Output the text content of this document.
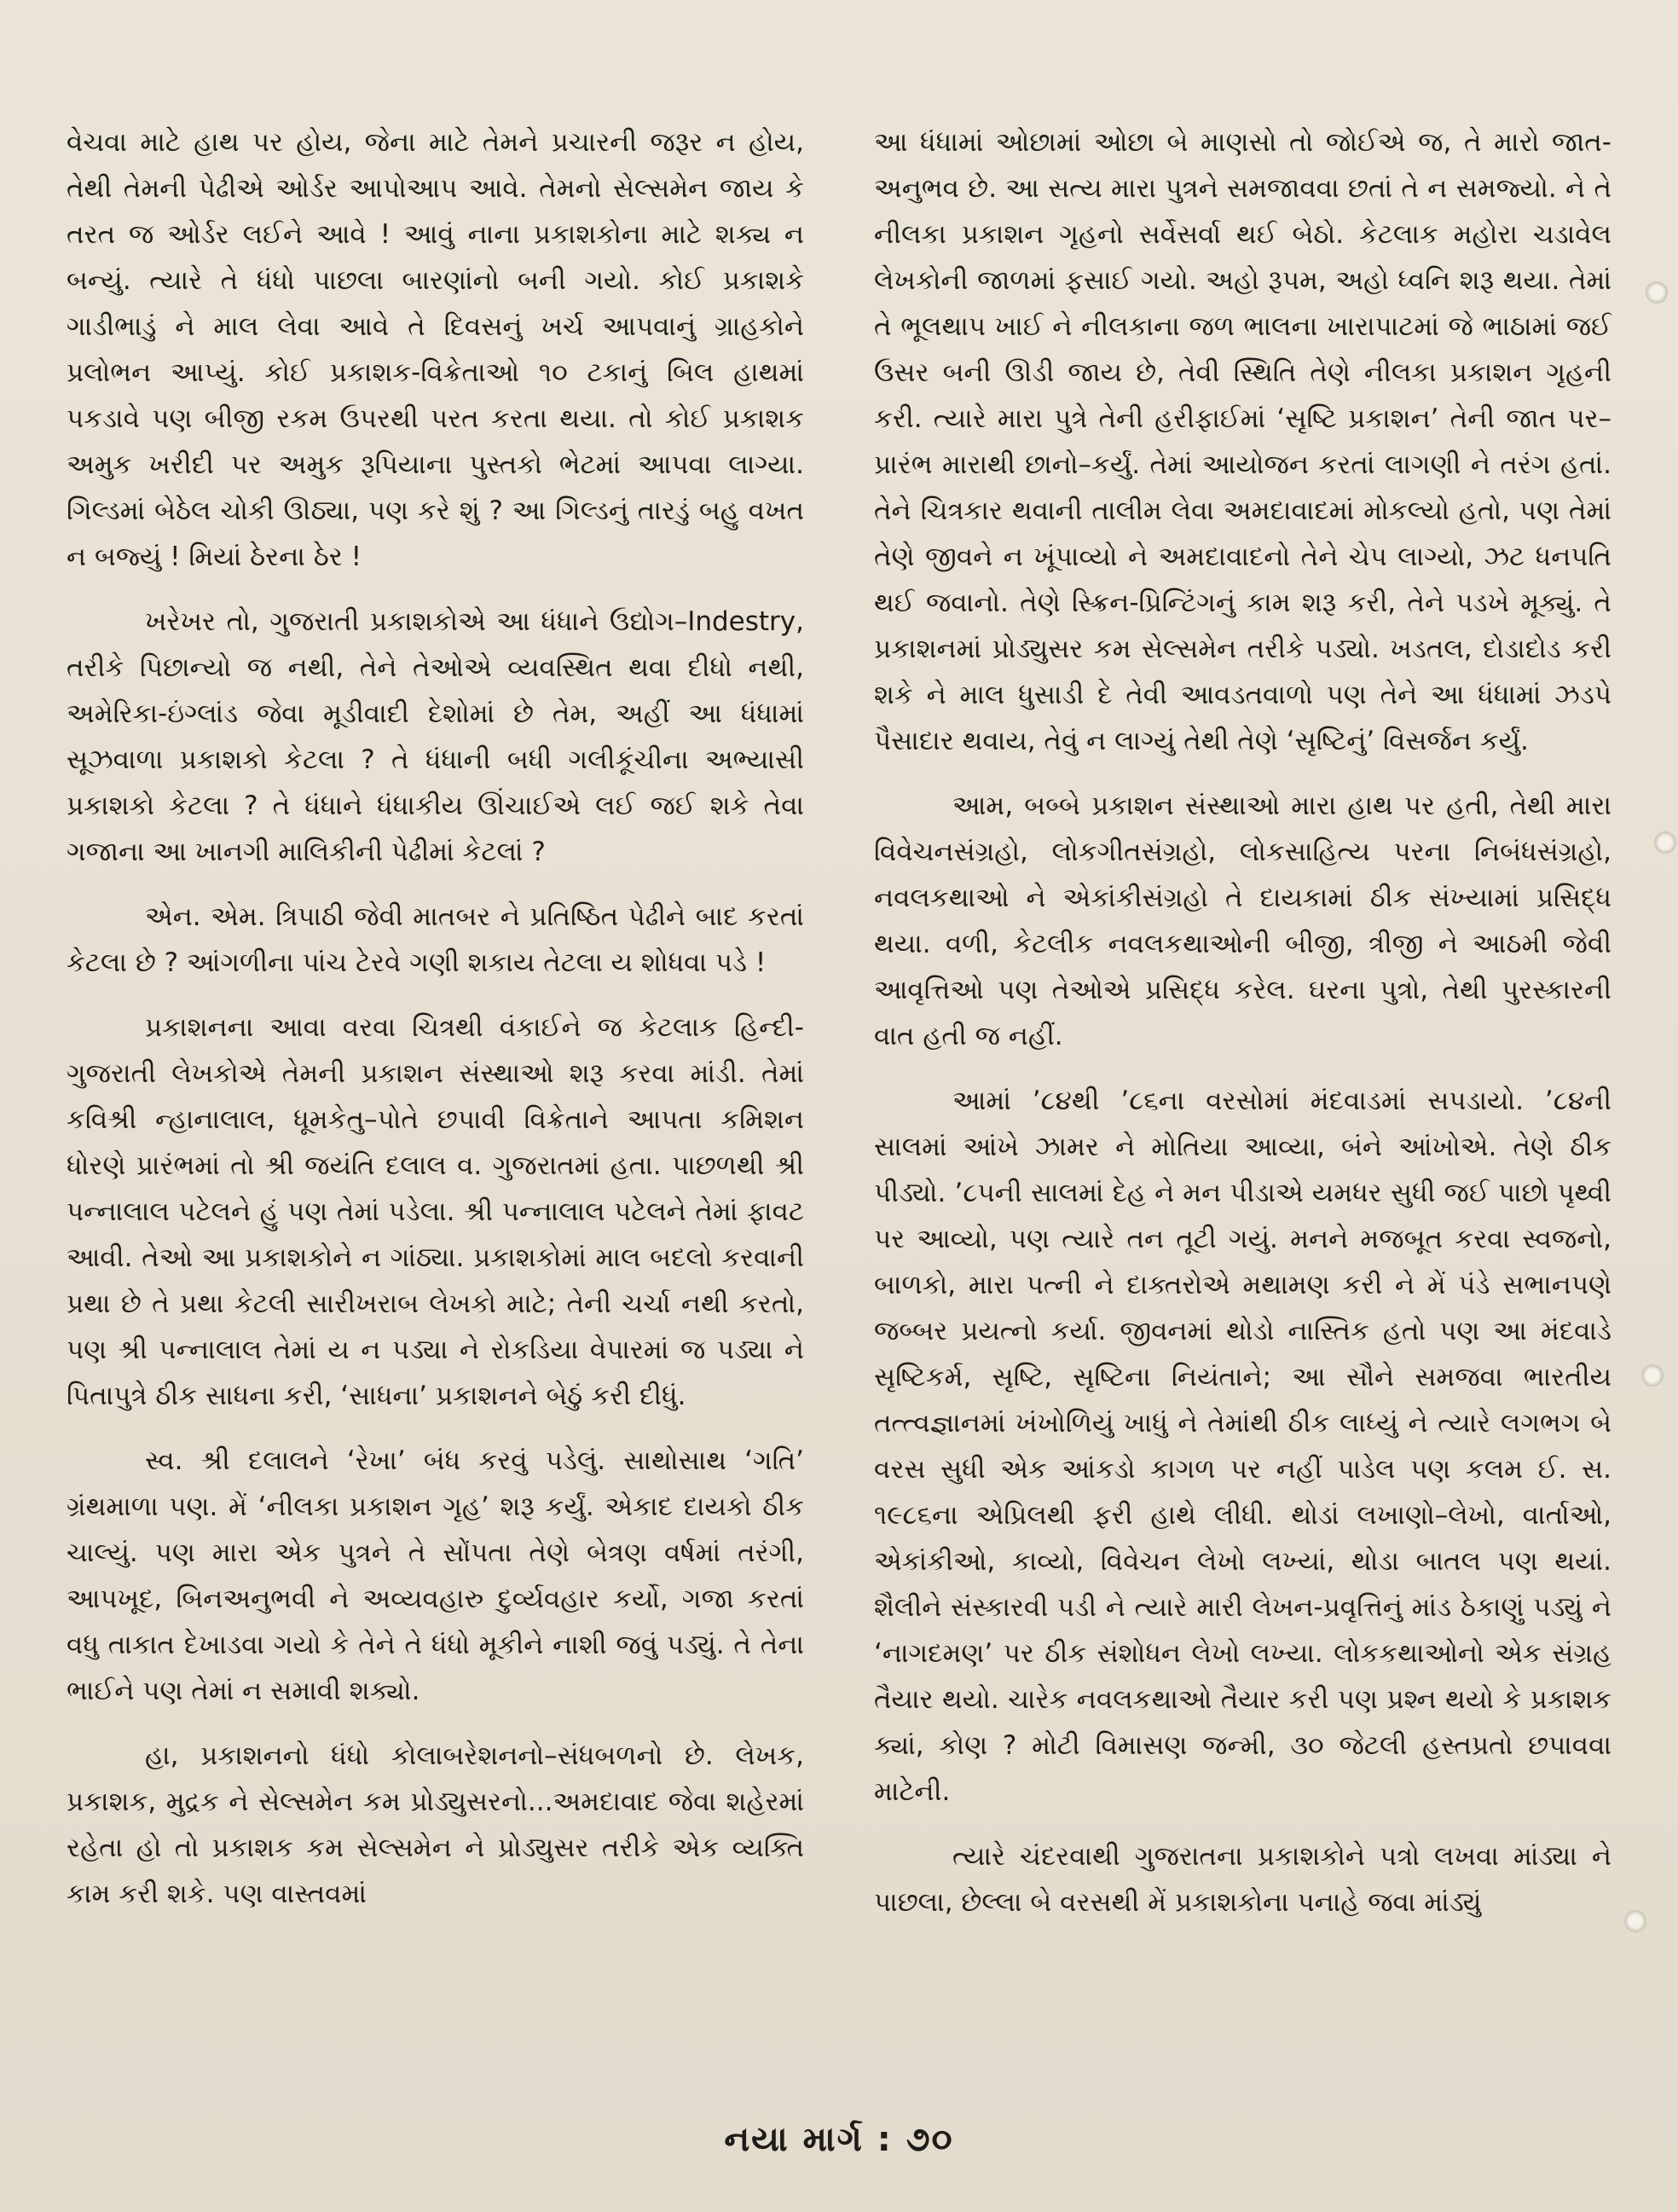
વેચવા માટે હાથ પર હોય, જેના માટે તેમને પ્રચારની જરૂર ન હોય, તેથી તેમની પેઢીએ ઓર્ડર આપોઆપ આવે. તેમનો સેલ્સમેન જાય કે તરત જ ઓર્ડર લઈને આવે ! આવું નાના પ્રકાશકોના માટે શક્ય ન બન્યું. ત્યારે તે ધંધો પાછલા બારણાંનો બની ગયો. કોઈ પ્રકાશકે ગાડીભાડું ને માલ લેવા આવે તે દિવસનું ખર્ચ આપવાનું ગ્રાહકોને પ્રલોભન આપ્યું. કોઈ પ્રકાશક-વિક્રેતાઓ ૧૦ ટકાનું બિલ હાથમાં પકડાવે પણ બીજી રકમ ઉપરથી પરત કરતા થયા. તો કોઈ પ્રકાશક અમુક ખરીદી પર અમુક રૂપિયાના પુસ્તકો ભેટમાં આપવા લાગ્યા. ગિલ્ડમાં બેઠેલ ચોકી ઊઠ્યા, પણ કરે શું ? આ ગિલ્ડનું તારડું બહુ વખત ન બજ્યું ! મિયાં ઠેરના ઠેર !

ખરેખર તો, ગુજરાતી પ્રકાશકોએ આ ધંધાને ઉદ્યોગ–Indestry, તરીકે પિછાન્યો જ નથી, તેને તેઓએ વ્યવસ્થિત થવા દીધો નથી, અમેરિકા-ઇંગ્લાંડ જેવા મૂડીવાદી દેશોમાં છે તેમ, અહીં આ ધંધામાં સૂઝવાળા પ્રકાશકો કેટલા ? તે ધંધાની બધી ગલીકૂંચીના અભ્યાસી પ્રકાશકો કેટલા ? તે ધંધાને ધંધાકીય ઊંચાઈએ લઈ જઈ શકે તેવા ગજાના આ ખાનગી માલિકીની પેઢીમાં કેટલાં ?

એન. એમ. ત્રિપાઠી જેવી માતબર ને પ્રતિષ્ઠિત પેઢીને બાદ કરતાં કેટલા છે ? આંગળીના પાંચ ટેરવે ગણી શકાય તેટલા ય શોધવા પડે !

પ્રકાશનના આવા વરવા ચિત્રથી વંકાઈને જ કેટલાક હિન્દી-ગુજરાતી લેખકોએ તેમની પ્રકાશન સંસ્થાઓ શરૂ કરવા માંડી. તેમાં કવિશ્રી ન્હાનાલાલ, ધૂમકેતુ–પોતે છપાવી વિક્રેતાને આપતા કમિશન ધોરણે પ્રારંભમાં તો શ્રી જયંતિ દલાલ વ. ગુજરાતમાં હતા. પાછળથી શ્રી પન્નાલાલ પટેલને હું પણ તેમાં પડેલા. શ્રી પન્નાલાલ પટેલને તેમાં ફાવટ આવી. તેઓ આ પ્રકાશકોને ન ગાંઠ્યા. પ્રકાશકોમાં માલ બદલો કરવાની પ્રથા છે તે પ્રથા કેટલી સારીખરાબ લેખકો માટે; તેની ચર્ચા નથી કરતો, પણ શ્રી પન્નાલાલ તેમાં ય ન પડ્યા ને રોકડિયા વેપારમાં જ પડ્યા ને પિતાપુત્રે ઠીક સાધના કરી, ‘સાધના’ પ્રકાશનને બેઠું કરી દીધું.

સ્વ. શ્રી દલાલને ‘રેખા’ બંધ કરવું પડેલું. સાથોસાથ ‘ગતિ’ ગ્રંથમાળા પણ. મેં ‘નીલકા પ્રકાશન ગૃહ’ શરૂ કર્યું. એકાદ દાયકો ઠીક ચાલ્યું. પણ મારા એક પુત્રને તે સોંપતા તેણે બેત્રણ વર્ષમાં તરંગી, આપખૂદ, બિનઅનુભવી ને અવ્યવહારુ દુર્વ્યવહાર કર્યો, ગજા કરતાં વધુ તાકાત દેખાડવા ગયો કે તેને તે ધંધો મૂકીને નાશી જવું પડ્યું. તે તેના ભાઈને પણ તેમાં ન સમાવી શક્યો.

હા, પ્રકાશનનો ધંધો કોલાબરેશનનો–સંધબળનો છે. લેખક, પ્રકાશક, મુદ્રક ને સેલ્સમેન કમ પ્રોડ્યુસરનો...અમદાવાદ જેવા શહેરમાં રહેતા હો તો પ્રકાશક કમ સેલ્સમેન ને પ્રોડ્યુસર તરીકે એક વ્યક્તિ કામ કરી શકે. પણ વાસ્તવમાં

આ ધંધામાં ઓછામાં ઓછા બે માણસો તો જોઈએ જ, તે મારો જાત-અનુભવ છે. આ સત્ય મારા પુત્રને સમજાવવા છતાં તે ન સમજ્યો. ને તે નીલકા પ્રકાશન ગૃહનો સર્વેસર્વા થઈ બેઠો. કેટલાક મહોરા ચડાવેલ લેખકોની જાળમાં ફસાઈ ગયો. અહો રૂપમ, અહો ધ્વનિ શરૂ થયા. તેમાં તે ભૂલથાપ ખાઈ ને નીલકાના જળ ભાલના ખારાપાટમાં જે ભાઠામાં જઈ ઉસર બની ઊડી જાય છે, તેવી સ્થિતિ તેણે નીલકા પ્રકાશન ગૃહની કરી. ત્યારે મારા પુત્રે તેની હરીફાઈમાં ‘સૃષ્ટિ પ્રકાશન’ તેની જાત પર–પ્રારંભ મારાથી છાનો–કર્યું. તેમાં આયોજન કરતાં લાગણી ને તરંગ હતાં. તેને ચિત્રકાર થવાની તાલીમ લેવા અમદાવાદમાં મોકલ્યો હતો, પણ તેમાં તેણે જીવને ન ખૂંપાવ્યો ને અમદાવાદનો તેને ચેપ લાગ્યો, ઝટ ધનપતિ થઈ જવાનો. તેણે સ્ક્રિન-પ્રિન્ટિંગનું કામ શરૂ કરી, તેને પડખે મૂક્યું. તે પ્રકાશનમાં પ્રોડ્યુસર કમ સેલ્સમેન તરીકે પડ્યો. ખડતલ, દોડાદોડ કરી શકે ને માલ ધુસાડી દે તેવી આવડતવાળો પણ તેને આ ધંધામાં ઝડપે પૈસાદાર થવાય, તેવું ન લાગ્યું તેથી તેણે ‘સૃષ્ટિનું’ વિસર્જન કર્યું.

આમ, બબ્બે પ્રકાશન સંસ્થાઓ મારા હાથ પર હતી, તેથી મારા વિવેચનસંગ્રહો, લોકગીતસંગ્રહો, લોકસાહિત્ય પરના નિબંધસંગ્રહો, નવલકથાઓ ને એકાંકીસંગ્રહો તે દાયકામાં ઠીક સંખ્યામાં પ્રસિદ્ધ થયા. વળી, કેટલીક નવલકથાઓની બીજી, ત્રીજી ને આઠમી જેવી આવૃત્તિઓ પણ તેઓએ પ્રસિદ્ધ કરેલ. ઘરના પુત્રો, તેથી પુરસ્કારની વાત હતી જ નહીં.

આમાં ’૮૪થી ’૮૬ના વરસોમાં મંદવાડમાં સપડાયો. ’૮૪ની સાલમાં આંખે ઝામર ને મોતિયા આવ્યા, બંને આંખોએ. તેણે ઠીક પીડ્યો. ’૮૫ની સાલમાં દેહ ને મન પીડાએ યમધર સુધી જઈ પાછો પૃથ્વી પર આવ્યો, પણ ત્યારે તન તૂટી ગયું. મનને મજબૂત કરવા સ્વજનો, બાળકો, મારા પત્ની ને દાક્તરોએ મથામણ કરી ને મેં પંડે સભાનપણે જબ્બર પ્રયત્નો કર્યા. જીવનમાં થોડો નાસ્તિક હતો પણ આ મંદવાડે સૃષ્ટિકર્મ, સૃષ્ટિ, સૃષ્ટિના નિયંતાને; આ સૌને સમજવા ભારતીય તત્ત્વજ્ઞાનમાં ખંખોળિયું ખાધું ને તેમાંથી ઠીક લાધ્યું ને ત્યારે લગભગ બે વરસ સુધી એક આંકડો કાગળ પર નહીં પાડેલ પણ કલમ ઈ. સ. ૧૯૮૬ના એપ્રિલથી ફરી હાથે લીધી. થોડાં લખાણો–લેખો, વાર્તાઓ, એકાંકીઓ, કાવ્યો, વિવેચન લેખો લખ્યાં, થોડા બાતલ પણ થયાં. શૈલીને સંસ્કારવી પડી ને ત્યારે મારી લેખન-પ્રવૃત્તિનું માંડ ઠેકાણું પડ્યું ને ‘નાગદમણ’ પર ઠીક સંશોધન લેખો લખ્યા. લોકકથાઓનો એક સંગ્રહ તૈયાર થયો. ચારેક નવલકથાઓ તૈયાર કરી પણ પ્રશ્ન થયો કે પ્રકાશક ક્યાં, કોણ ? મોટી વિમાસણ જન્મી, ૩૦ જેટલી હસ્તપ્રતો છપાવવા માટેની.

ત્યારે ચંદરવાથી ગુજરાતના પ્રકાશકોને પત્રો લખવા માંડ્યા ને પાછલા, છેલ્લા બે વરસથી મેં પ્રકાશકોના પનાહે જવા માંડ્યું

નયા માર્ગ : ૭૦
